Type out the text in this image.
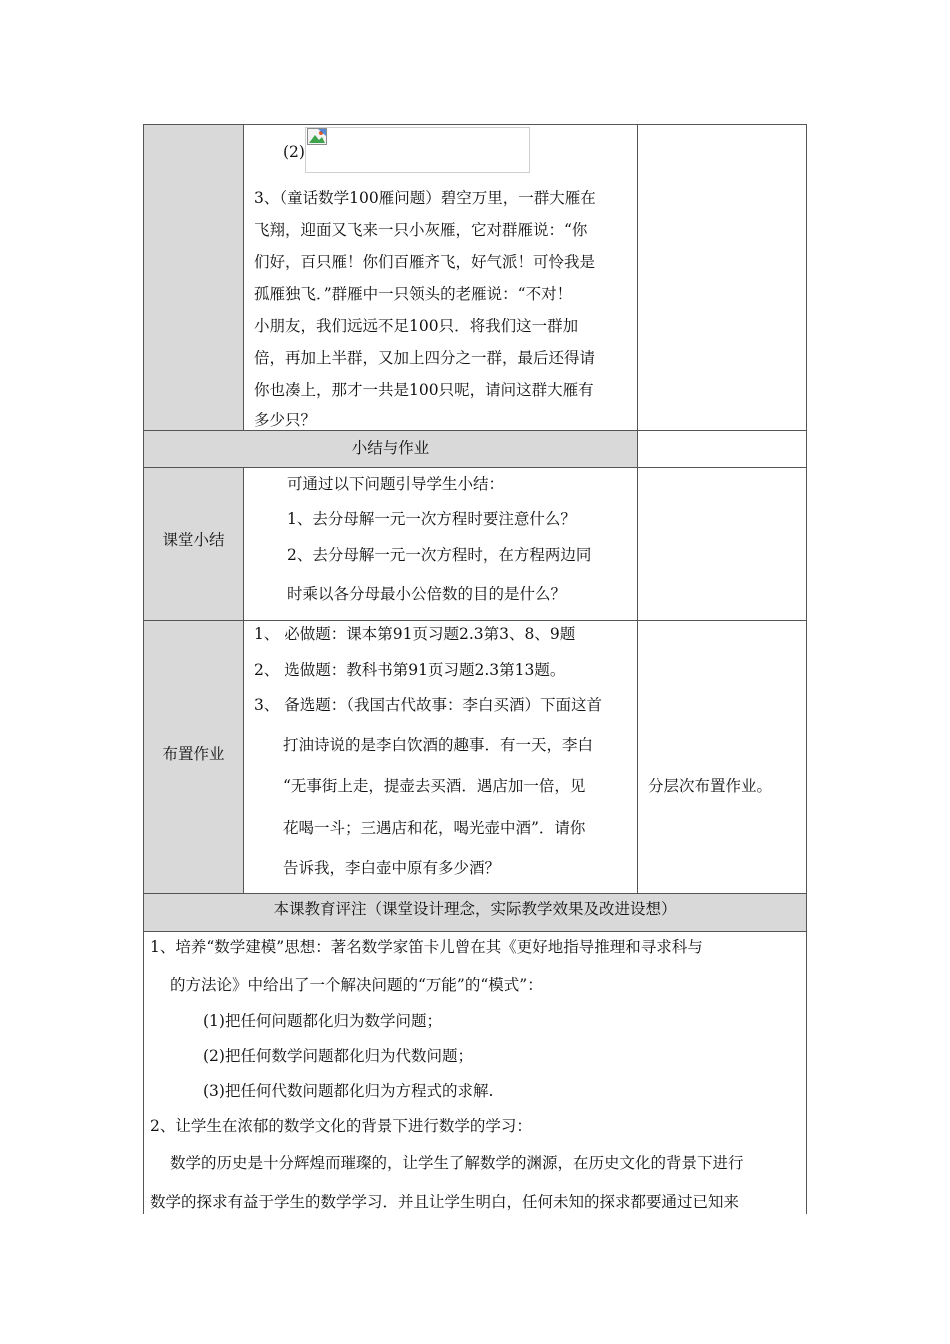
(2)
3、（童话数学100雁问题）碧空万里，一群大雁在
飞翔，迎面又飞来一只小灰雁，它对群雁说：“你
们好，百只雁！你们百雁齐飞，好气派！可怜我是
孤雁独飞．”群雁中一只领头的老雁说：“不对！
小朋友，我们远远不足100只．将我们这一群加
倍，再加上半群，又加上四分之一群，最后还得请
你也凑上，那才一共是100只呢，请问这群大雁有
多少只？
小结与作业
课堂小结
可通过以下问题引导学生小结：
1、去分母解一元一次方程时要注意什么？
2、去分母解一元一次方程时，在方程两边同
时乘以各分母最小公倍数的目的是什么？
布置作业
1、 必做题：课本第91页习题2.3第3、8、9题
2、 选做题：教科书第91页习题2.3第13题。
3、 备选题：（我国古代故事：李白买酒）下面这首
打油诗说的是李白饮酒的趣事．有一天，李白
“无事街上走，提壶去买酒．遇店加一倍，见
花喝一斗；三遇店和花，喝光壶中酒”．请你
告诉我，李白壶中原有多少酒？
分层次布置作业。
本课教育评注（课堂设计理念，实际教学效果及改进设想）
1、培养“数学建模”思想：著名数学家笛卡儿曾在其《更好地指导推理和寻求科与
的方法论》中给出了一个解决问题的“万能”的“模式”：
(1)把任何问题都化归为数学问题；
(2)把任何数学问题都化归为代数问题；
(3)把任何代数问题都化归为方程式的求解.
2、让学生在浓郁的数学文化的背景下进行数学的学习：
数学的历史是十分辉煌而璀璨的，让学生了解数学的渊源，在历史文化的背景下进行
数学的探求有益于学生的数学学习．并且让学生明白，任何未知的探求都要通过已知来
